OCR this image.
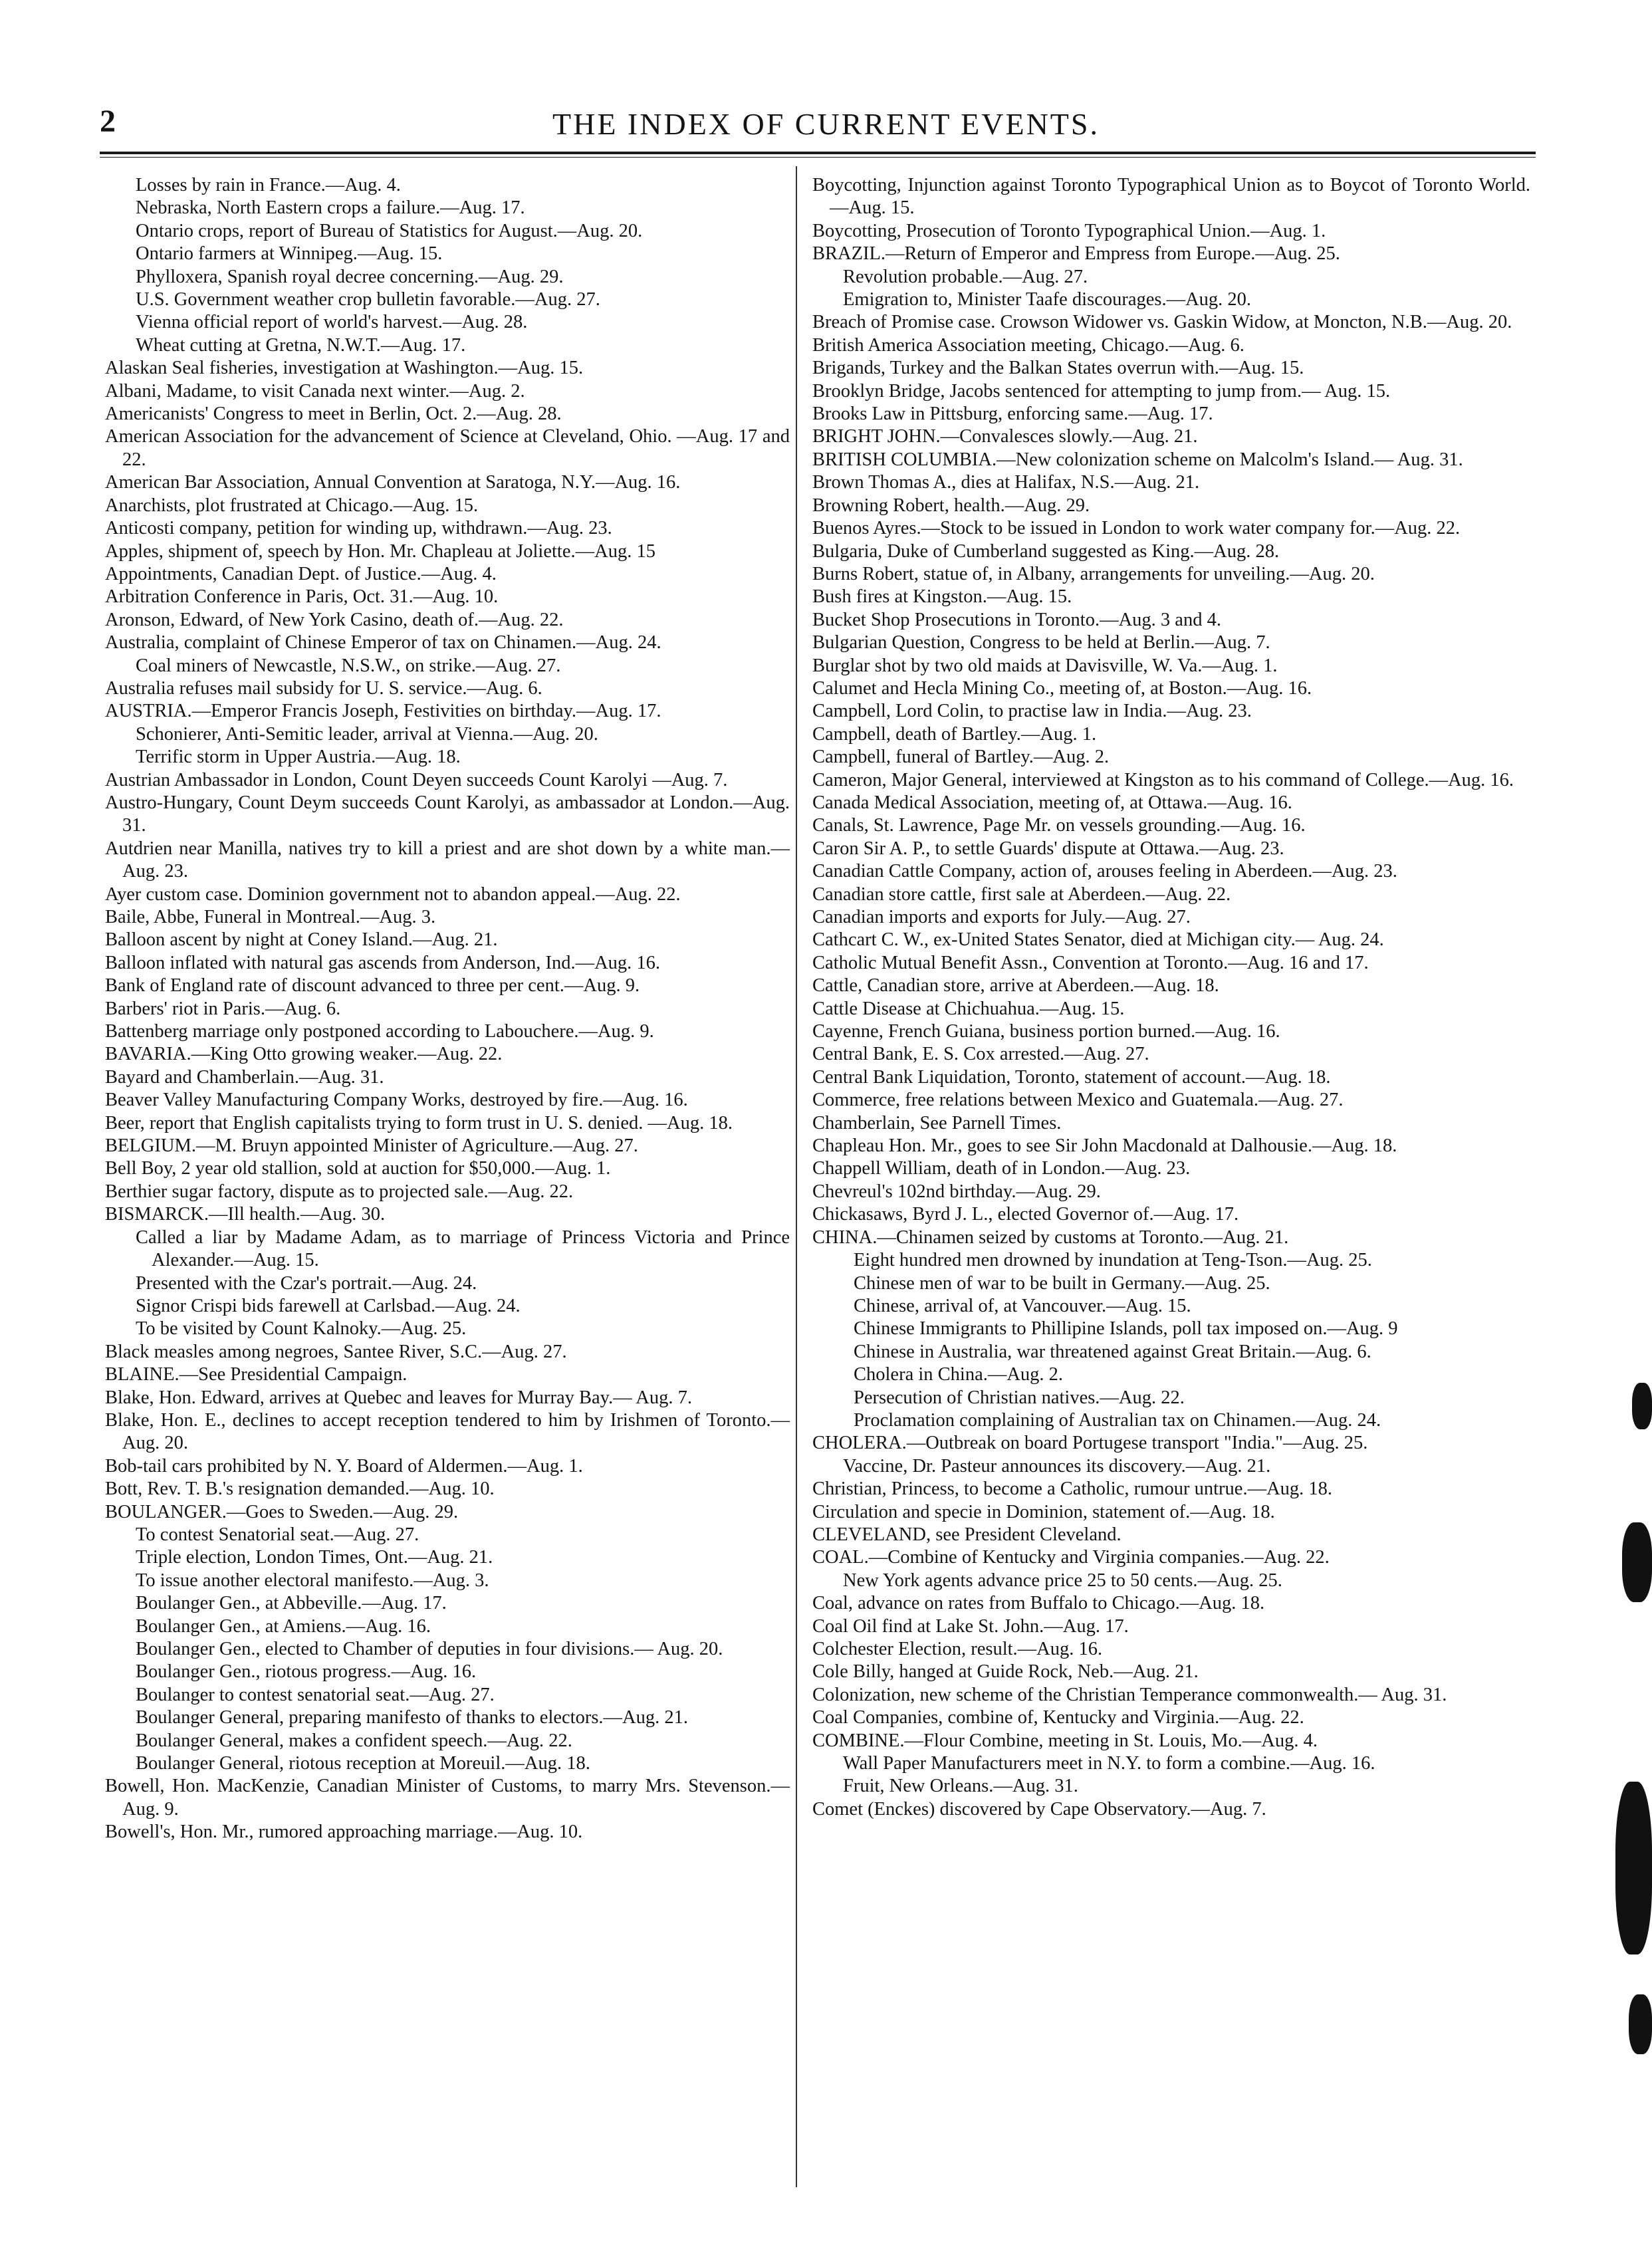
2	THE INDEX OF CURRENT EVENTS.

Losses by rain in France.—Aug. 4.

Nebraska, North Eastern crops a failure.—Aug. 17.

Ontario crops, report of Bureau of Statistics for August.—Aug. 20.

Ontario farmers at Winnipeg.—Aug. 15.

Phylloxera, Spanish royal decree concerning.—Aug. 29.

U.S. Government weather crop bulletin favorable.—Aug. 27.

Vienna official report of world's harvest.—Aug. 28.

Wheat cutting at Gretna, N.W.T.—Aug. 17.

Alaskan Seal fisheries, investigation at Washington.—Aug. 15.

Albani, Madame, to visit Canada next winter.—Aug. 2.

Americanists' Congress to meet in Berlin, Oct. 2.—Aug. 28.

American Association for the advancement of Science at Cleveland, Ohio. —Aug. 17 and 22.

American Bar Association, Annual Convention at Saratoga, N.Y.—Aug. 16.

Anarchists, plot frustrated at Chicago.—Aug. 15.

Anticosti company, petition for winding up, withdrawn.—Aug. 23.

Apples, shipment of, speech by Hon. Mr. Chapleau at Joliette.—Aug. 15

Appointments, Canadian Dept. of Justice.—Aug. 4.

Arbitration Conference in Paris, Oct. 31.—Aug. 10.

Aronson, Edward, of New York Casino, death of.—Aug. 22.

Australia, complaint of Chinese Emperor of tax on Chinamen.—Aug. 24.

Coal miners of Newcastle, N.S.W., on strike.—Aug. 27.

Australia refuses mail subsidy for U. S. service.—Aug. 6.

AUSTRIA.—Emperor Francis Joseph, Festivities on birthday.—Aug. 17.

Schonierer, Anti-Semitic leader, arrival at Vienna.—Aug. 20.

Terrific storm in Upper Austria.—Aug. 18.

Austrian Ambassador in London, Count Deyen succeeds Count Karolyi —Aug. 7.

Austro-Hungary, Count Deym succeeds Count Karolyi, as ambassador at London.—Aug. 31.

Autdrien near Manilla, natives try to kill a priest and are shot down by a white man.—Aug. 23.

Ayer custom case. Dominion government not to abandon appeal.—Aug. 22.

Baile, Abbe, Funeral in Montreal.—Aug. 3.

Balloon ascent by night at Coney Island.—Aug. 21.

Balloon inflated with natural gas ascends from Anderson, Ind.—Aug. 16.

Bank of England rate of discount advanced to three per cent.—Aug. 9.

Barbers' riot in Paris.—Aug. 6.

Battenberg marriage only postponed according to Labouchere.—Aug. 9.

BAVARIA.—King Otto growing weaker.—Aug. 22.

Bayard and Chamberlain.—Aug. 31.

Beaver Valley Manufacturing Company Works, destroyed by fire.—Aug. 16.

Beer, report that English capitalists trying to form trust in U. S. denied. —Aug. 18.

BELGIUM.—M. Bruyn appointed Minister of Agriculture.—Aug. 27.

Bell Boy, 2 year old stallion, sold at auction for $50,000.—Aug. 1.

Berthier sugar factory, dispute as to projected sale.—Aug. 22.

BISMARCK.—Ill health.—Aug. 30.

Called a liar by Madame Adam, as to marriage of Princess Victoria and Prince Alexander.—Aug. 15.

Presented with the Czar's portrait.—Aug. 24.

Signor Crispi bids farewell at Carlsbad.—Aug. 24.

To be visited by Count Kalnoky.—Aug. 25.

Black measles among negroes, Santee River, S.C.—Aug. 27.

BLAINE.—See Presidential Campaign.

Blake, Hon. Edward, arrives at Quebec and leaves for Murray Bay.— Aug. 7.

Blake, Hon. E., declines to accept reception tendered to him by Irishmen of Toronto.—Aug. 20.

Bob-tail cars prohibited by N. Y. Board of Aldermen.—Aug. 1.

Bott, Rev. T. B.'s resignation demanded.—Aug. 10.

BOULANGER.—Goes to Sweden.—Aug. 29.

To contest Senatorial seat.—Aug. 27.

Triple election, London Times, Ont.—Aug. 21.

To issue another electoral manifesto.—Aug. 3.

Boulanger Gen., at Abbeville.—Aug. 17.

Boulanger Gen., at Amiens.—Aug. 16.

Boulanger Gen., elected to Chamber of deputies in four divisions.— Aug. 20.

Boulanger Gen., riotous progress.—Aug. 16.

Boulanger to contest senatorial seat.—Aug. 27.

Boulanger General, preparing manifesto of thanks to electors.—Aug. 21.

Boulanger General, makes a confident speech.—Aug. 22.

Boulanger General, riotous reception at Moreuil.—Aug. 18.

Bowell, Hon. MacKenzie, Canadian Minister of Customs, to marry Mrs. Stevenson.—Aug. 9.

Bowell's, Hon. Mr., rumored approaching marriage.—Aug. 10.

Boycotting, Injunction against Toronto Typographical Union as to Boycot of Toronto World.—Aug. 15.

Boycotting, Prosecution of Toronto Typographical Union.—Aug. 1.

BRAZIL.—Return of Emperor and Empress from Europe.—Aug. 25.

Revolution probable.—Aug. 27.

Emigration to, Minister Taafe discourages.—Aug. 20.

Breach of Promise case. Crowson Widower vs. Gaskin Widow, at Moncton, N.B.—Aug. 20.

British America Association meeting, Chicago.—Aug. 6.

Brigands, Turkey and the Balkan States overrun with.—Aug. 15.

Brooklyn Bridge, Jacobs sentenced for attempting to jump from.— Aug. 15.

Brooks Law in Pittsburg, enforcing same.—Aug. 17.

BRIGHT JOHN.—Convalesces slowly.—Aug. 21.

BRITISH COLUMBIA.—New colonization scheme on Malcolm's Island.— Aug. 31.

Brown Thomas A., dies at Halifax, N.S.—Aug. 21.

Browning Robert, health.—Aug. 29.

Buenos Ayres.—Stock to be issued in London to work water company for.—Aug. 22.

Bulgaria, Duke of Cumberland suggested as King.—Aug. 28.

Burns Robert, statue of, in Albany, arrangements for unveiling.—Aug. 20.

Bush fires at Kingston.—Aug. 15.

Bucket Shop Prosecutions in Toronto.—Aug. 3 and 4.

Bulgarian Question, Congress to be held at Berlin.—Aug. 7.

Burglar shot by two old maids at Davisville, W. Va.—Aug. 1.

Calumet and Hecla Mining Co., meeting of, at Boston.—Aug. 16.

Campbell, Lord Colin, to practise law in India.—Aug. 23.

Campbell, death of Bartley.—Aug. 1.

Campbell, funeral of Bartley.—Aug. 2.

Cameron, Major General, interviewed at Kingston as to his command of College.—Aug. 16.

Canada Medical Association, meeting of, at Ottawa.—Aug. 16.

Canals, St. Lawrence, Page Mr. on vessels grounding.—Aug. 16.

Caron Sir A. P., to settle Guards' dispute at Ottawa.—Aug. 23.

Canadian Cattle Company, action of, arouses feeling in Aberdeen.—Aug. 23.

Canadian store cattle, first sale at Aberdeen.—Aug. 22.

Canadian imports and exports for July.—Aug. 27.

Cathcart C. W., ex-United States Senator, died at Michigan city.— Aug. 24.

Catholic Mutual Benefit Assn., Convention at Toronto.—Aug. 16 and 17.

Cattle, Canadian store, arrive at Aberdeen.—Aug. 18.

Cattle Disease at Chichuahua.—Aug. 15.

Cayenne, French Guiana, business portion burned.—Aug. 16.

Central Bank, E. S. Cox arrested.—Aug. 27.

Central Bank Liquidation, Toronto, statement of account.—Aug. 18.

Commerce, free relations between Mexico and Guatemala.—Aug. 27.

Chamberlain, See Parnell Times.

Chapleau Hon. Mr., goes to see Sir John Macdonald at Dalhousie.—Aug. 18.

Chappell William, death of in London.—Aug. 23.

Chevreul's 102nd birthday.—Aug. 29.

Chickasaws, Byrd J. L., elected Governor of.—Aug. 17.

CHINA.—Chinamen seized by customs at Toronto.—Aug. 21.

Eight hundred men drowned by inundation at Teng-Tson.—Aug. 25.

Chinese men of war to be built in Germany.—Aug. 25.

Chinese, arrival of, at Vancouver.—Aug. 15.

Chinese Immigrants to Phillipine Islands, poll tax imposed on.—Aug. 9

Chinese in Australia, war threatened against Great Britain.—Aug. 6.

Cholera in China.—Aug. 2.

Persecution of Christian natives.—Aug. 22.

Proclamation complaining of Australian tax on Chinamen.—Aug. 24.

CHOLERA.—Outbreak on board Portugese transport "India."—Aug. 25.

Vaccine, Dr. Pasteur announces its discovery.—Aug. 21.

Christian, Princess, to become a Catholic, rumour untrue.—Aug. 18.

Circulation and specie in Dominion, statement of.—Aug. 18.

CLEVELAND, see President Cleveland.

COAL.—Combine of Kentucky and Virginia companies.—Aug. 22.

New York agents advance price 25 to 50 cents.—Aug. 25.

Coal, advance on rates from Buffalo to Chicago.—Aug. 18.

Coal Oil find at Lake St. John.—Aug. 17.

Colchester Election, result.—Aug. 16.

Cole Billy, hanged at Guide Rock, Neb.—Aug. 21.

Colonization, new scheme of the Christian Temperance commonwealth.— Aug. 31.

Coal Companies, combine of, Kentucky and Virginia.—Aug. 22.

COMBINE.—Flour Combine, meeting in St. Louis, Mo.—Aug. 4.

Wall Paper Manufacturers meet in N.Y. to form a combine.—Aug. 16.

Fruit, New Orleans.—Aug. 31.

Comet (Enckes) discovered by Cape Observatory.—Aug. 7.
